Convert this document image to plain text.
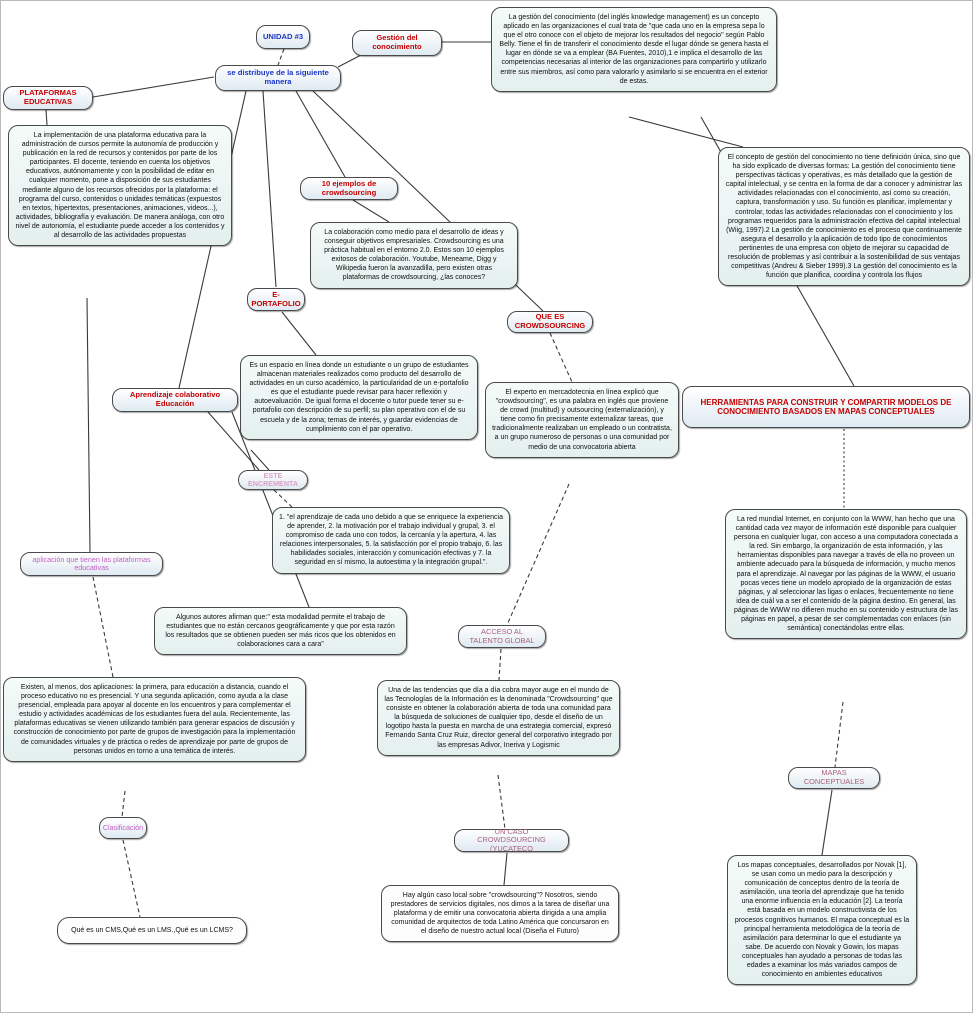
UNIDAD #3	Gestión del conocimiento
La gestión del conocimiento (del inglés knowledge management) es un concepto aplicado en las organizaciones el cual trata de "que cada uno en la empresa sepa lo que el otro conoce con el objeto de mejorar los resultados del negocio" según Pablo Belly. Tiene el fin de transferir el conocimiento desde el lugar dónde se genera hasta el lugar en dónde se va a emplear (BA Fuentes, 2010),1 e implica el desarrollo de las competencias necesarias al interior de las organizaciones para compartirlo y utilizarlo entre sus miembros, así como para valorarlo y asimilarlo si se encuentra en el exterior de estas.
se distribuye de la siguiente manera
PLATAFORMAS EDUCATIVAS
La implementación de una plataforma educativa para la administración de cursos permite la autonomía de producción y publicación en la red de recursos y contenidos por parte de los participantes. El docente, teniendo en cuenta los objetivos educativos, autónomamente y con la posibilidad de editar en cualquier momento, pone a disposición de sus estudiantes mediante alguno de los recursos ofrecidos por la plataforma: el programa del curso, contenidos o unidades temáticas (expuestos en textos, hipertextos, presentaciones, animaciones, videos...), actividades, bibliografía y evaluación. De manera análoga, con otro nivel de autonomía, el estudiante puede acceder a los contenidos y al desarrollo de las actividades propuestas
El concepto de gestión del conocimiento no tiene definición única, sino que ha sido explicado de diversas formas: La gestión del conocimiento tiene perspectivas tácticas y operativas, es más detallado que la gestión de capital intelectual, y se centra en la forma de dar a conocer y administrar las actividades relacionadas con el conocimiento, así como su creación, captura, transformación y uso. Su función es planificar, implementar y controlar, todas las actividades relacionadas con el conocimiento y los programas requeridos para la administración efectiva del capital intelectual (Wiig, 1997).2 La gestión de conocimiento es el proceso que continuamente asegura el desarrollo y la aplicación de todo tipo de conocimientos pertinentes de una empresa con objeto de mejorar su capacidad de resolución de problemas y así contribuir a la sostenibilidad de sus ventajas competitivas (Andreu & Sieber 1999).3 La gestión del conocimiento es la función que planifica, coordina y controla los flujos
10 ejemplos de crowdsourcing
La colaboración como medio para el desarrollo de ideas y conseguir objetivos empresariales. Crowdsourcing es una práctica habitual en el entorno 2.0. Estos son 10 ejemplos exitosos de colaboración. Youtube, Meneame, Digg y Wikipedia fueron la avanzadilla, pero existen otras plataformas de crowdsourcing, ¿las conoces?
E-PORTAFOLIO
QUE ES CROWDSOURCING
Es un espacio en línea donde un estudiante o un grupo de estudiantes almacenan materiales realizados como producto del desarrollo de actividades en un curso académico, la particularidad de un e-portafolio es que el estudiante puede revisar para hacer reflexión y autoevaluación. De igual forma el docente o tutor puede tener su e- portafolio con descripción de su perfil; su plan operativo con el de su escuela y de la zona; temas de interés, y guardar evidencias de cumplimiento con el par operativo.
Aprendizaje colaborativo Educación
El experto en mercadotecnia en línea explicó que "crowdsourcing", es una palabra en inglés que proviene de crowd (multitud) y outsourcing (externalización), y tiene como fin precisamente externalizar tareas, que tradicionalmente realizaban un empleado o un contratista, a un grupo numeroso de personas o una comunidad por medio de una convocatoria abierta
HERRAMIENTAS PARA CONSTRUIR Y COMPARTIR MODELOS DE CONOCIMIENTO BASADOS EN MAPAS CONCEPTUALES
ESTE ENCREMENTA
1. "el aprendizaje de cada uno debido a que se enriquece la experiencia de aprender, 2. la motivación por el trabajo individual y grupal, 3. el compromiso de cada uno con todos, la cercanía y la apertura, 4. las relaciones interpersonales, 5. la satisfacción por el propio trabajo, 6. las habilidades sociales, interacción y comunicación efectivas y 7. la seguridad en sí mismo, la autoestima y la integración grupal.".
aplicación que tienen las plataformas educativas
Algunos autores afirman que:" esta modalidad permite el trabajo de estudiantes que no están cercanos geográficamente y que por esta razón los resultados que se obtienen pueden ser más ricos que los obtenidos en colaboraciones cara a cara"
ACCESO AL TALENTO GLOBAL
La red mundial Internet, en conjunto con la WWW, han hecho que una cantidad cada vez mayor de información esté disponible para cualquier persona en cualquier lugar, con acceso a una computadora conectada a la red. Sin embargo, la organización de esta información, y las herramientas disponibles para navegar a través de ella no proveen un ambiente adecuado para la búsqueda de información, y mucho menos para el aprendizaje. Al navegar por las páginas de la WWW, el usuario pocas veces tiene un modelo apropiado de la organización de estas páginas, y al seleccionar las ligas o enlaces, frecuentemente no tiene idea de cuál va a ser el contenido de la página destino. En general, las páginas de WWW no difieren mucho en su contenido y estructura de las páginas en papel, a pesar de ser complementadas con enlaces (sin semántica) conectándolas entre ellas.
Existen, al menos, dos aplicaciones: la primera, para educación a distancia, cuando el proceso educativo no es presencial. Y una segunda aplicación, como ayuda a la clase presencial, empleada para apoyar al docente en los encuentros y para complementar el estudio y actividades académicas de los estudiantes fuera del aula. Recientemente, las plataformas educativas se vienen utilizando también para generar espacios de discusión y construcción de conocimiento por parte de grupos de investigación para la implementación de comunidades virtuales y de práctica o redes de aprendizaje por parte de grupos de personas unidos en torno a una temática de interés.
Una de las tendencias que día a día cobra mayor auge en el mundo de las Tecnologías de la Información es la denominada "Crowdsourcing" que consiste en obtener la colaboración abierta de toda una comunidad para la búsqueda de soluciones de cualquier tipo, desde el diseño de un logotipo hasta la puesta en marcha de una estrategia comercial, expresó Fernando Santa Cruz Ruiz, director general del corporativo integrado por las empresas Adivor, Ineriva y Logismic
Clasificación
MAPAS CONCEPTUALES
UN CASO CROWDSOURCING (YUCATECO
Hay algún caso local sobre "crowdsourcing"? Nosotros, siendo prestadores de servicios digitales, nos dimos a la tarea de diseñar una plataforma y de emitir una convocatoria abierta dirigida a una amplia comunidad de arquitectos de toda Latino América que concursaron en el diseño de nuestro actual local (Diseña el Futuro)
Los mapas conceptuales, desarrollados por Novak [1], se usan como un medio para la descripción y comunicación de conceptos dentro de la teoría de asimilación, una teoría del aprendizaje que ha tenido una enorme influencia en la educación [2]. La teoría está basada en un modelo constructivista de los procesos cognitivos humanos. El mapa conceptual es la principal herramienta metodológica de la teoría de asimilación para determinar lo que el estudiante ya sabe. De acuerdo con Novak y Gowin, los mapas conceptuales han ayudado a personas de todas las edades a examinar los más variados campos de conocimiento en ambientes educativos
Qué es un CMS,Qué es un LMS.,Qué es un LCMS?
